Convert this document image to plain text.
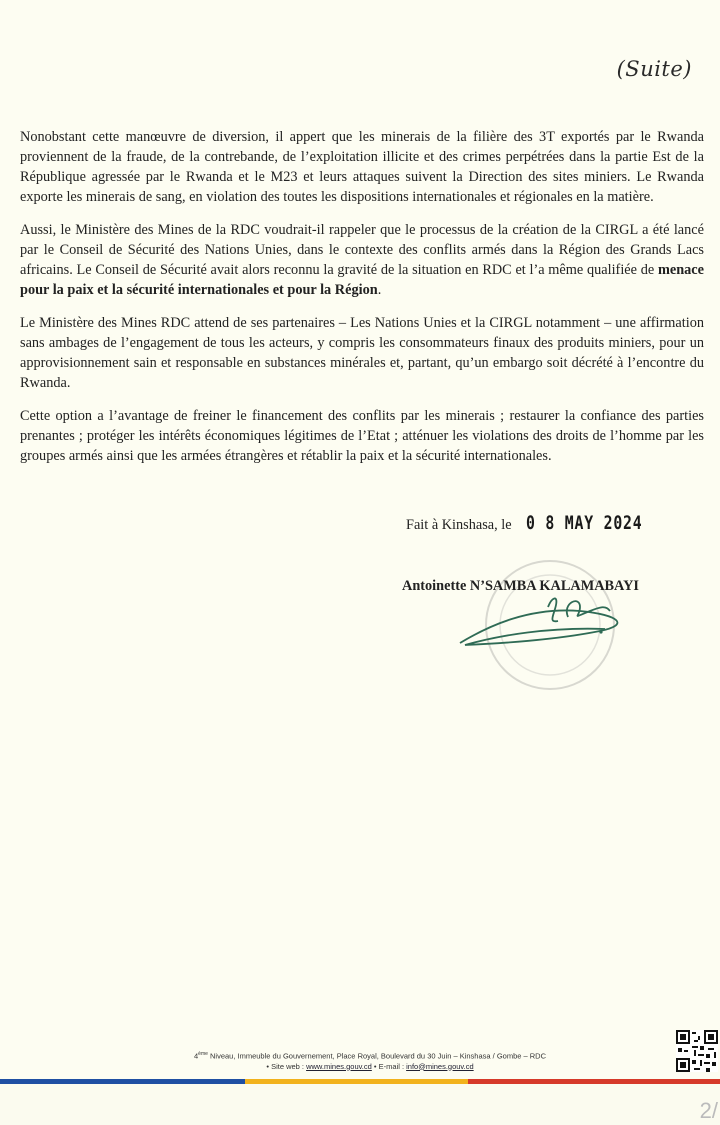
(Suite)

Nonobstant cette manœuvre de diversion, il appert que les minerais de la filière des 3T exportés par le Rwanda proviennent de la fraude, de la contrebande, de l’exploitation illicite et des crimes perpétrées dans la partie Est de la République agressée par le Rwanda et le M23 et leurs attaques suivent la Direction des sites miniers. Le Rwanda exporte les minerais de sang, en violation des toutes les dispositions internationales et régionales en la matière.

Aussi, le Ministère des Mines de la RDC voudrait-il rappeler que le processus de la création de la CIRGL a été lancé par le Conseil de Sécurité des Nations Unies, dans le contexte des conflits armés dans la Région des Grands Lacs africains. Le Conseil de Sécurité avait alors reconnu la gravité de la situation en RDC et l’a même qualifiée de menace pour la paix et la sécurité internationales et pour la Région.

Le Ministère des Mines RDC attend de ses partenaires – Les Nations Unies et la CIRGL notamment – une affirmation sans ambages de l’engagement de tous les acteurs, y compris les consommateurs finaux des produits miniers, pour un approvisionnement sain et responsable en substances minérales et, partant, qu’un embargo soit décrété à l’encontre du Rwanda.

Cette option a l’avantage de freiner le financement des conflits par les minerais ; restaurer la confiance des parties prenantes ; protéger les intérêts économiques légitimes de l’Etat ; atténuer les violations des droits de l’homme par les groupes armés ainsi que les armées étrangères et rétablir la paix et la sécurité internationales.

Fait à Kinshasa, le 0 8 MAY 2024
Antoinette N’SAMBA KALAMABAYI
4ème Niveau, Immeuble du Gouvernement, Place Royal, Boulevard du 30 Juin – Kinshasa / Gombe – RDC
• Site web : www.mines.gouv.cd • E-mail : info@mines.gouv.cd
2/
